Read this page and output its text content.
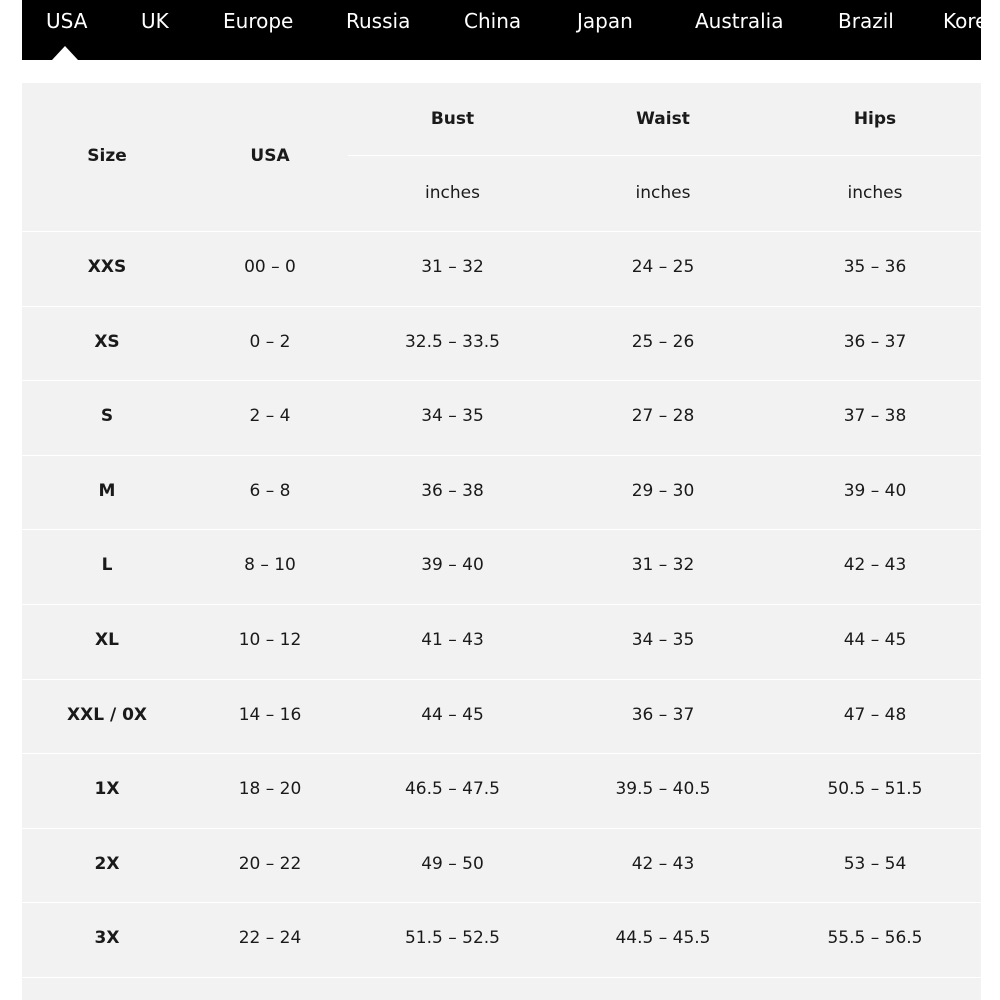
USA	UK	Europe	Russia	China	Japan	Australia	Brazil Korea
Size	USA
Bust	Waist	Hips
inches	inches	inches
XXS	00 – 0	31 – 32	24 – 25	35 – 36
XS	0 – 2	32.5 – 33.5	25 – 26	36 – 37
S	2 – 4	34 – 35	27 – 28	37 – 38
M	6 – 8	36 – 38	29 – 30	39 – 40
L	8 – 10	39 – 40	31 – 32	42 – 43
XL	10 – 12	41 – 43	34 – 35	44 – 45
XXL / 0X	14 – 16	44 – 45	36 – 37	47 – 48
1X	18 – 20	46.5 – 47.5	39.5 – 40.5	50.5 – 51.5
2X	20 – 22	49 – 50	42 – 43	53 – 54
3X	22 – 24	51.5 – 52.5	44.5 – 45.5	55.5 – 56.5
